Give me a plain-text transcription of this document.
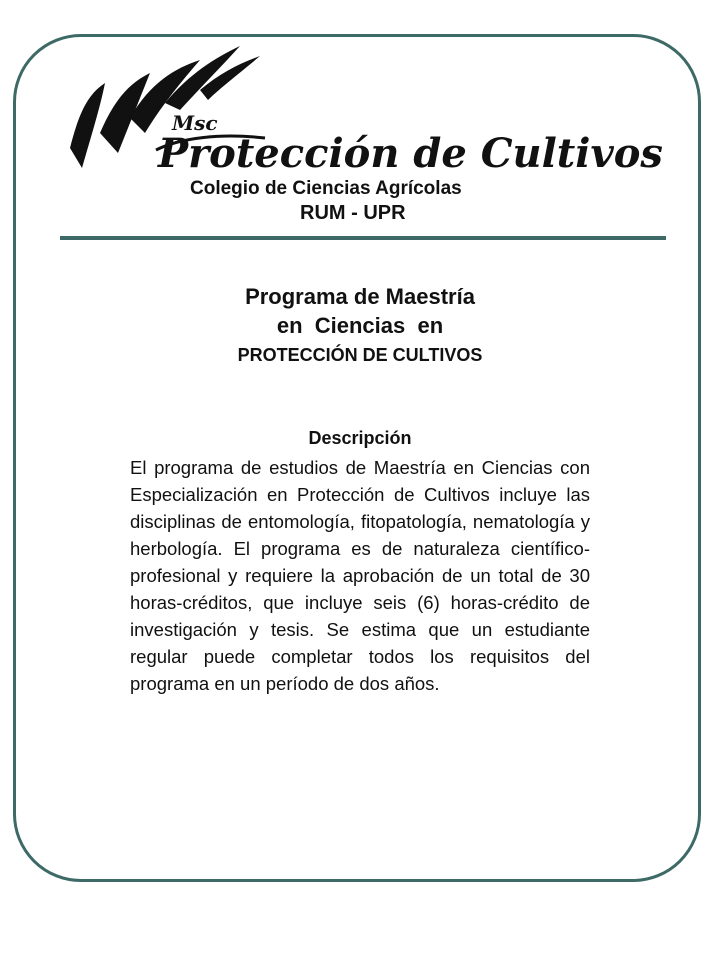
Msc
Protección de Cultivos
Colegio de Ciencias Agrícolas
RUM - UPR
Programa de Maestría
en  Ciencias  en
PROTECCIÓN DE CULTIVOS
Descripción

El programa de estudios de Maestría en Ciencias con Especialización en Protección de Cultivos incluye las disciplinas de entomología, fitopatología, nematología y herbología. El programa es de naturaleza científico-profesional y requiere la aprobación de un total de 30 horas-créditos, que incluye seis (6) horas-crédito de investigación y tesis. Se estima que un estudiante regular puede completar todos los requisitos del programa en un período de dos años.
